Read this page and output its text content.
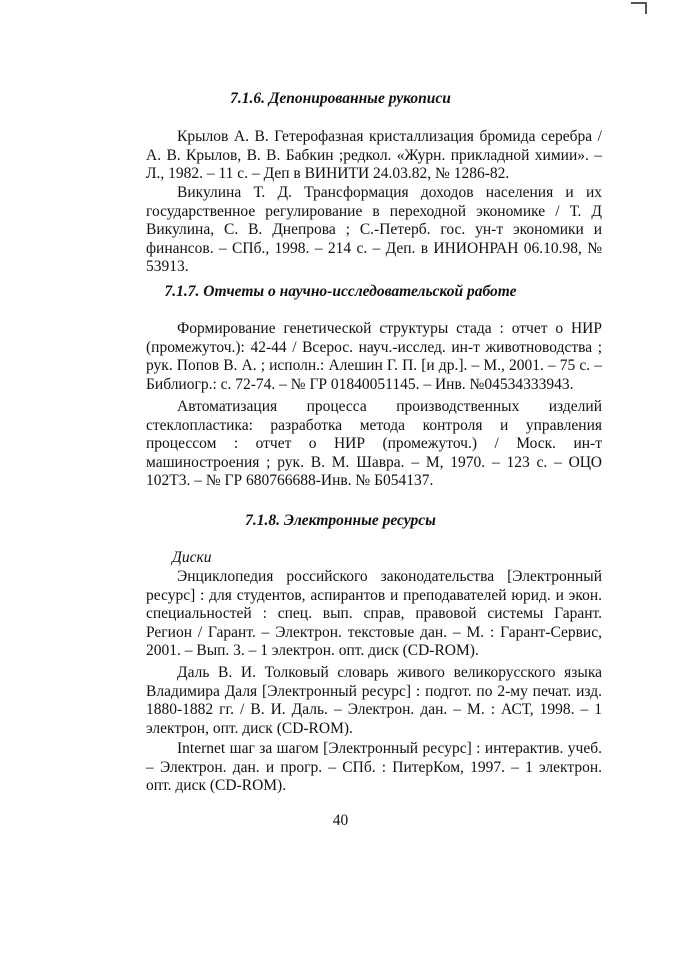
7.1.6. Депонированные рукописи

Крылов А. В. Гетерофазная кристаллизация бромида серебра / А. В. Крылов, В. В. Бабкин ;редкол. «Журн. прикладной химии». – Л., 1982. – 11 с. – Деп в ВИНИТИ 24.03.82, № 1286-82.

Викулина Т. Д. Трансформация доходов населения и их государственное регулирование в переходной экономике / Т. Д Викулина, С. В. Днепрова ; С.-Петерб. гос. ун-т экономики и финансов. – СПб., 1998. – 214 с. – Деп. в ИНИОНРАН 06.10.98, № 53913.

7.1.7. Отчеты о научно-исследовательской работе

Формирование генетической структуры стада : отчет о НИР (промежуточ.): 42-44 / Всерос. науч.-исслед. ин-т животноводства ; рук. Попов В. А. ; исполн.: Алешин Г. П. [и др.]. – М., 2001. – 75 с. – Библиогр.: с. 72-74. – № ГР 01840051145. – Инв. №04534333943.

Автоматизация процесса производственных изделий стеклопластика: разработка метода контроля и управления процессом : отчет о НИР (промежуточ.) / Моск. ин-т машиностроения ; рук. В. М. Шавра. – М, 1970. – 123 с. – ОЦО 102Т3. – № ГР 680766688-Инв. № Б054137.

7.1.8. Электронные ресурсы
Диски

Энциклопедия российского законодательства [Электронный ресурс] : для студентов, аспирантов и преподавателей юрид. и экон. специальностей : спец. вып. справ, правовой системы Гарант. Регион / Гарант. – Электрон. текстовые дан. – М. : Гарант-Сервис, 2001. – Вып. 3. – 1 электрон. опт. диск (CD-ROM).

Даль В. И. Толковый словарь живого великорусского языка Владимира Даля [Электронный ресурс] : подгот. по 2-му печат. изд. 1880-1882 гг. / В. И. Даль. – Электрон. дан. – М. : АСТ, 1998. – 1 электрон, опт. диск (CD-ROM).

Internet шаг за шагом [Электронный ресурс] : интерактив. учеб. – Электрон. дан. и прогр. – СПб. : ПитерКом, 1997. – 1 электрон. опт. диск (CD-ROM).

40
